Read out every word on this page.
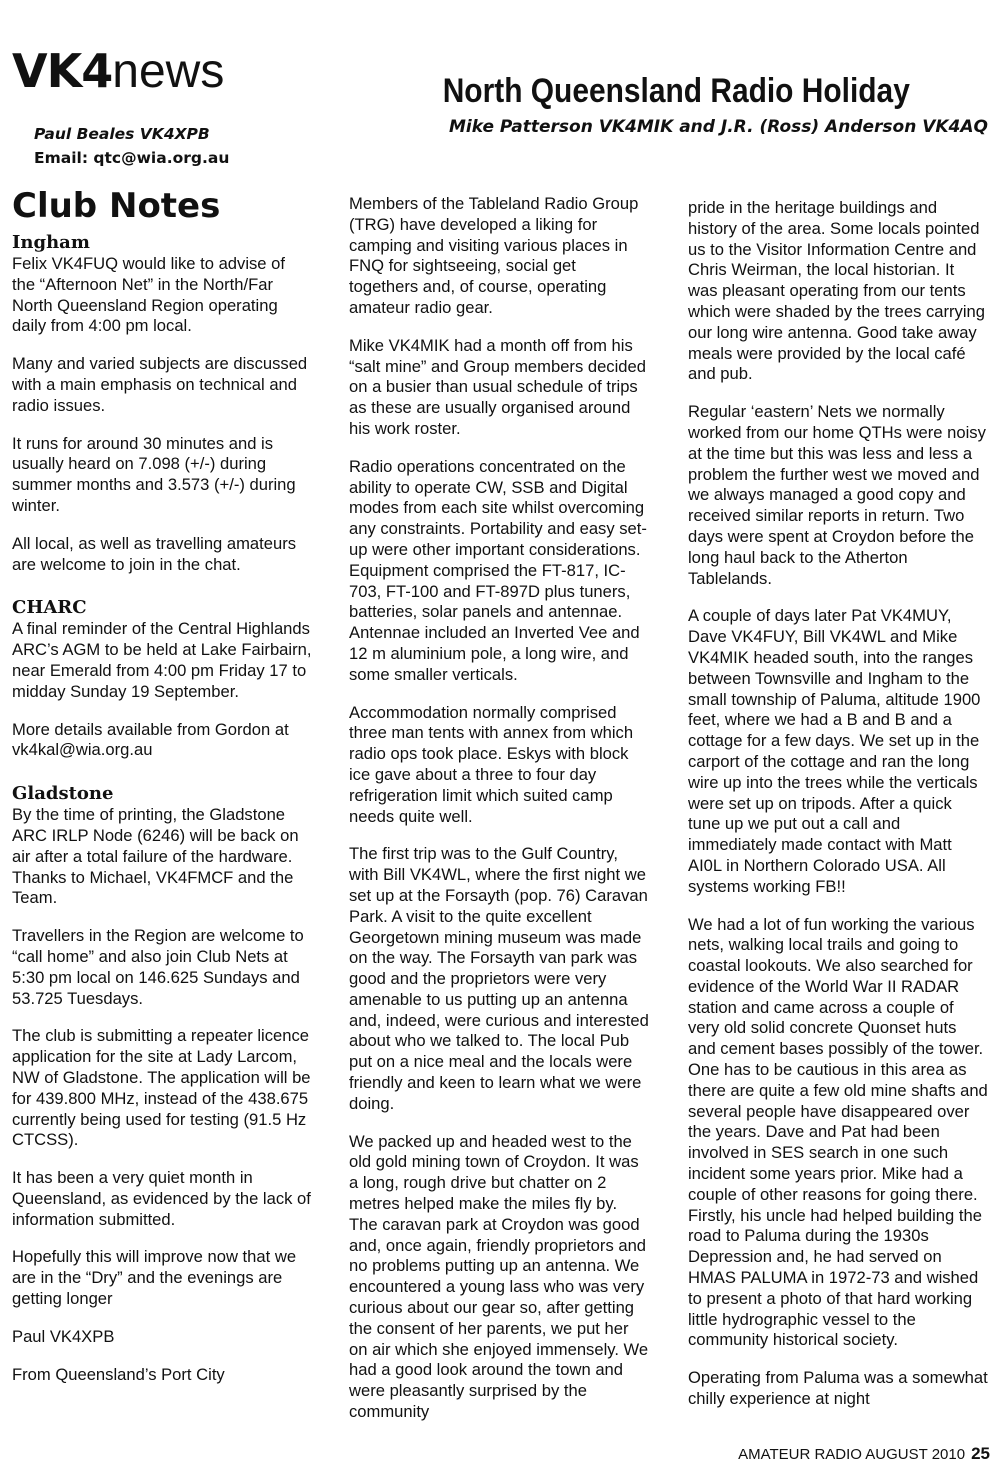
VK4news
Paul Beales VK4XPB
Email: qtc@wia.org.au
North Queensland Radio Holiday
Mike Patterson VK4MIK and J.R. (Ross) Anderson VK4AQ
Club Notes
Ingham

Felix VK4FUQ would like to advise of the “Afternoon Net” in the North/Far North Queensland Region operating daily from 4:00 pm local.

Many and varied subjects are discussed with a main emphasis on technical and radio issues.

It runs for around 30 minutes and is usually heard on 7.098 (+/-) during summer months and 3.573 (+/-) during winter.

All local, as well as travelling amateurs are welcome to join in the chat.

CHARC

A final reminder of the Central Highlands ARC’s AGM to be held at Lake Fairbairn, near Emerald from 4:00 pm Friday 17 to midday Sunday 19 September.

More details available from Gordon at vk4kal@wia.org.au

Gladstone

By the time of printing, the Gladstone ARC IRLP Node (6246) will be back on air after a total failure of the hardware. Thanks to Michael, VK4FMCF and the Team.

Travellers in the Region are welcome to “call home” and also join Club Nets at 5:30 pm local on 146.625 Sundays and 53.725 Tuesdays.

The club is submitting a repeater licence application for the site at Lady Larcom, NW of Gladstone. The application will be for 439.800 MHz, instead of the 438.675 currently being used for testing (91.5 Hz CTCSS).

It has been a very quiet month in Queensland, as evidenced by the lack of information submitted.

Hopefully this will improve now that we are in the “Dry” and the evenings are getting longer

Paul VK4XPB

From Queensland’s Port City

Members of the Tableland Radio Group (TRG) have developed a liking for camping and visiting various places in FNQ for sightseeing, social get togethers and, of course, operating amateur radio gear.

Mike VK4MIK had a month off from his “salt mine” and Group members decided on a busier than usual schedule of trips as these are usually organised around his work roster.

Radio operations concentrated on the ability to operate CW, SSB and Digital modes from each site whilst overcoming any constraints. Portability and easy set-up were other important considerations. Equipment comprised the FT-817, IC-703, FT-100 and FT-897D plus tuners, batteries, solar panels and antennae. Antennae included an Inverted Vee and 12 m aluminium pole, a long wire, and some smaller verticals.

Accommodation normally comprised three man tents with annex from which radio ops took place. Eskys with block ice gave about a three to four day refrigeration limit which suited camp needs quite well.

The first trip was to the Gulf Country, with Bill VK4WL, where the first night we set up at the Forsayth (pop. 76) Caravan Park. A visit to the quite excellent Georgetown mining museum was made on the way. The Forsayth van park was good and the proprietors were very amenable to us putting up an antenna and, indeed, were curious and interested about who we talked to. The local Pub put on a nice meal and the locals were friendly and keen to learn what we were doing.

We packed up and headed west to the old gold mining town of Croydon. It was a long, rough drive but chatter on 2 metres helped make the miles fly by. The caravan park at Croydon was good and, once again, friendly proprietors and no problems putting up an antenna. We encountered a young lass who was very curious about our gear so, after getting the consent of her parents, we put her on air which she enjoyed immensely. We had a good look around the town and were pleasantly surprised by the community

pride in the heritage buildings and history of the area. Some locals pointed us to the Visitor Information Centre and Chris Weirman, the local historian. It was pleasant operating from our tents which were shaded by the trees carrying our long wire antenna. Good take away meals were provided by the local café and pub.

Regular ‘eastern’ Nets we normally worked from our home QTHs were noisy at the time but this was less and less a problem the further west we moved and we always managed a good copy and received similar reports in return. Two days were spent at Croydon before the long haul back to the Atherton Tablelands.

A couple of days later Pat VK4MUY, Dave VK4FUY, Bill VK4WL and Mike VK4MIK headed south, into the ranges between Townsville and Ingham to the small township of Paluma, altitude 1900 feet, where we had a B and B and a cottage for a few days. We set up in the carport of the cottage and ran the long wire up into the trees while the verticals were set up on tripods. After a quick tune up we put out a call and immediately made contact with Matt AI0L in Northern Colorado USA. All systems working FB!!

We had a lot of fun working the various nets, walking local trails and going to coastal lookouts. We also searched for evidence of the World War II RADAR station and came across a couple of very old solid concrete Quonset huts and cement bases possibly of the tower. One has to be cautious in this area as there are quite a few old mine shafts and several people have disappeared over the years. Dave and Pat had been involved in SES search in one such incident some years prior. Mike had a couple of other reasons for going there. Firstly, his uncle had helped building the road to Paluma during the 1930s Depression and, he had served on HMAS PALUMA in 1972-73 and wished to present a photo of that hard working little hydrographic vessel to the community historical society.

Operating from Paluma was a somewhat chilly experience at night

AMATEUR RADIO AUGUST 2010 25
